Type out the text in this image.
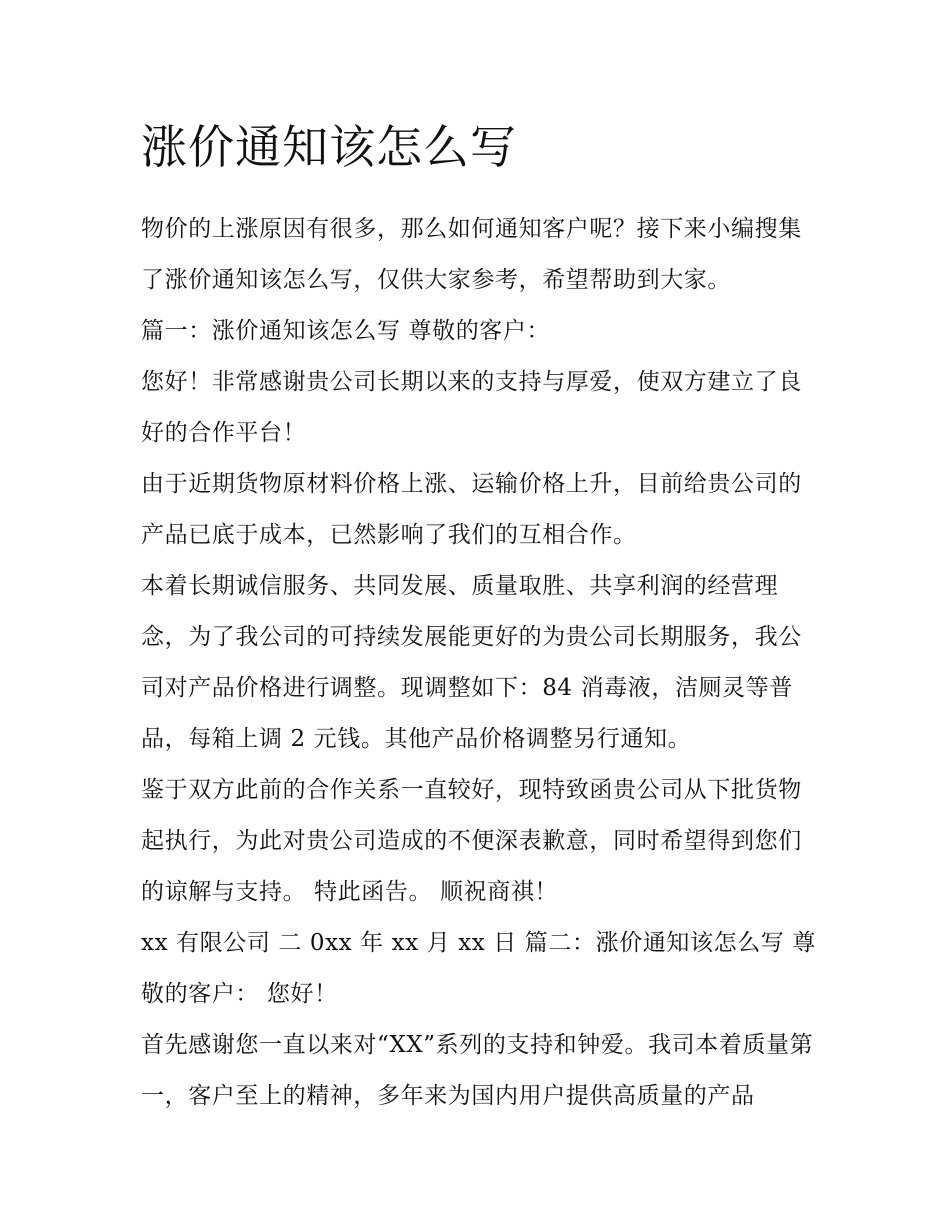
涨价通知该怎么写

物价的上涨原因有很多，那么如何通知客户呢？接下来小编搜集了涨价通知该怎么写，仅供大家参考，希望帮助到大家。

篇一：涨价通知该怎么写 尊敬的客户：

您好！非常感谢贵公司长期以来的支持与厚爱，使双方建立了良好的合作平台！

由于近期货物原材料价格上涨、运输价格上升，目前给贵公司的产品已底于成本，已然影响了我们的互相合作。

本着长期诚信服务、共同发展、质量取胜、共享利润的经营理念，为了我公司的可持续发展能更好的为贵公司长期服务，我公司对产品价格进行调整。现调整如下：84 消毒液，洁厕灵等普品，每箱上调 2 元钱。其他产品价格调整另行通知。

鉴于双方此前的合作关系一直较好，现特致函贵公司从下批货物起执行，为此对贵公司造成的不便深表歉意，同时希望得到您们的谅解与支持。 特此函告。 顺祝商祺！

xx 有限公司 二 0xx 年 xx 月 xx 日 篇二：涨价通知该怎么写 尊敬的客户： 您好！

首先感谢您一直以来对“XX”系列的支持和钟爱。我司本着质量第一，客户至上的精神，多年来为国内用户提供高质量的产品
